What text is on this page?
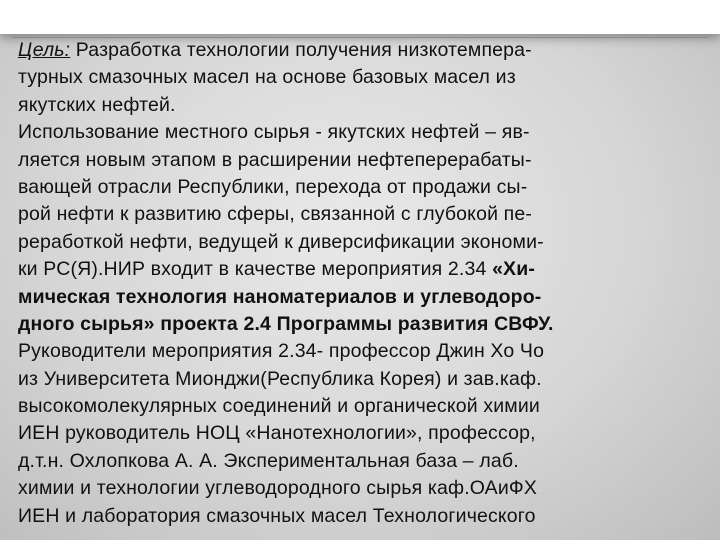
Цель: Разработка технологии получения низкотемпера-
турных смазочных масел на основе базовых масел из
якутских нефтей.
Использование местного сырья - якутских нефтей – яв-
ляется новым этапом в расширении нефтеперерабаты-
вающей отрасли Республики, перехода от продажи сы-
рой нефти к развитию сферы, связанной с глубокой пе-
реработкой нефти, ведущей к диверсификации экономи-
ки РС(Я).НИР входит в качестве мероприятия 2.34 «Хи-
мическая технология наноматериалов и углеводоро-
дного сырья» проекта 2.4 Программы развития СВФУ.
Руководители мероприятия 2.34- профессор Джин Хо Чо
из Университета Мионджи(Республика Корея) и зав.каф.
высокомолекулярных соединений и органической химии
ИЕН руководитель НОЦ «Нанотехнологии», профессор,
д.т.н. Охлопкова А. А. Экспериментальная база – лаб.
химии и технологии углеводородного сырья каф.ОАиФХ
ИЕН и лаборатория смазочных масел Технологического
